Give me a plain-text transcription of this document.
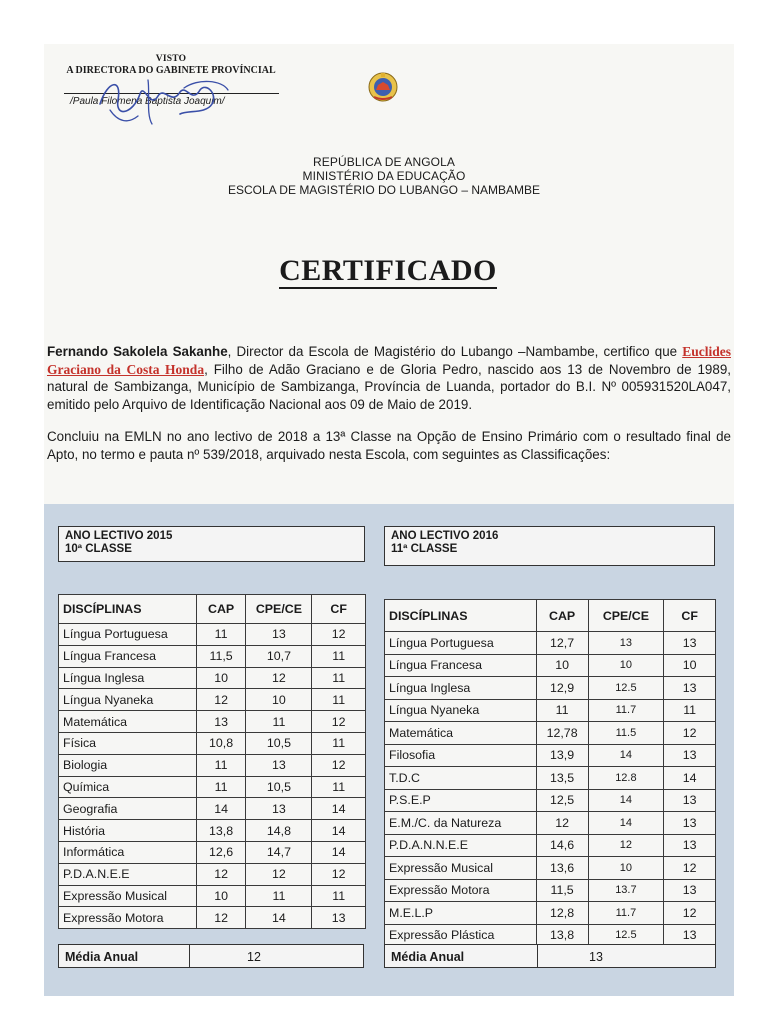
VISTO
A DIRECTORA DO GABINETE PROVÍNCIAL
/Paula Filomena Baptista Joaquim/
REPÚBLICA DE ANGOLA
MINISTÉRIO DA EDUCAÇÃO
ESCOLA DE MAGISTÉRIO DO LUBANGO – NAMBAMBE
CERTIFICADO
Fernando Sakolela Sakanhe, Director da Escola de Magistério do Lubango –Nambambe, certifico que Euclides Graciano da Costa Honda, Filho de Adão Graciano e de Gloria Pedro, nascido aos 13 de Novembro de 1989, natural de Sambizanga, Município de Sambizanga, Província de Luanda, portador do B.I. Nº 005931520LA047, emitido pelo Arquivo de Identificação Nacional aos 09 de Maio de 2019.
Concluiu na EMLN no ano lectivo de 2018 a 13ª Classe na Opção de Ensino Primário com o resultado final de Apto, no termo e pauta nº 539/2018, arquivado nesta Escola, com seguintes as Classificações:
ANO LECTIVO 2015
10ª CLASSE
ANO LECTIVO 2016
11ª CLASSE
DISCÍPLINAS	CAP	CPE/CE	CF
Língua Portuguesa	11	13	12
Língua Francesa	11,5	10,7	11
Língua Inglesa	10	12	11
Língua Nyaneka	12	10	11
Matemática	13	11	12
Física	10,8	10,5	11
Biologia	11	13	12
Química	11	10,5	11
Geografia	14	13	14
História	13,8	14,8	14
Informática	12,6	14,7	14
P.D.A.N.E.E	12	12	12
Expressão Musical	10	11	11
Expressão Motora	12	14	13
DISCÍPLINAS	CAP	CPE/CE	CF
Língua Portuguesa	12,7	13	13
Língua Francesa	10	10	10
Língua Inglesa	12,9	12.5	13
Língua Nyaneka	11	11.7	11
Matemática	12,78	11.5	12
Filosofia	13,9	14	13
T.D.C	13,5	12.8	14
P.S.E.P	12,5	14	13
E.M./C. da Natureza	12	14	13
P.D.A.N.N.E.E	14,6	12	13
Expressão Musical	13,6	10	12
Expressão Motora	11,5	13.7	13
M.E.L.P	12,8	11.7	12
Expressão Plástica	13,8	12.5	13
Média Anual	12	Média Anual	13
